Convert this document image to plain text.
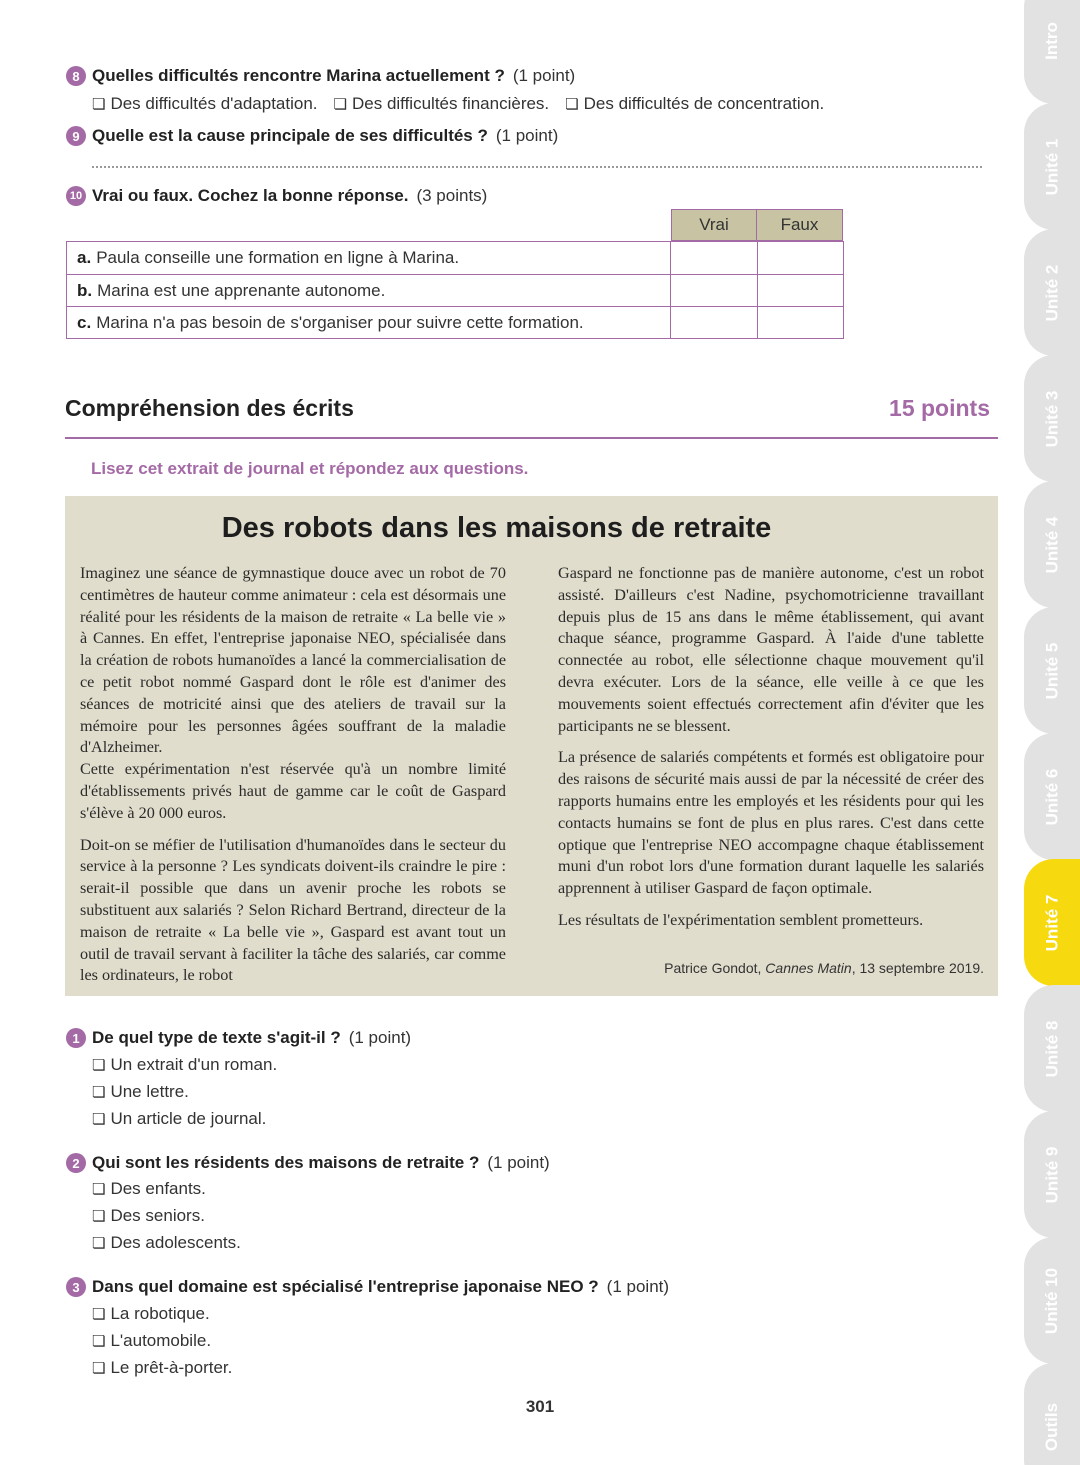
8 Quelles difficultés rencontre Marina actuellement ? (1 point)
❏ Des difficultés d'adaptation. ❏ Des difficultés financières. ❏ Des difficultés de concentration.
9 Quelle est la cause principale de ses difficultés ? (1 point)
10 Vrai ou faux. Cochez la bonne réponse. (3 points)
Vrai	Faux
a. Paula conseille une formation en ligne à Marina.
b. Marina est une apprenante autonome.
c. Marina n'a pas besoin de s'organiser pour suivre cette formation.
Compréhension des écrits	15 points
Lisez cet extrait de journal et répondez aux questions.
Des robots dans les maisons de retraite

Imaginez une séance de gymnastique douce avec un robot de 70 centimètres de hauteur comme animateur : cela est désormais une réalité pour les résidents de la maison de retraite « La belle vie » à Cannes. En effet, l'entreprise japonaise NEO, spécialisée dans la création de robots humanoïdes a lancé la commercialisation de ce petit robot nommé Gaspard dont le rôle est d'animer des séances de motricité ainsi que des ateliers de travail sur la mémoire pour les personnes âgées souffrant de la maladie d'Alzheimer.

Cette expérimentation n'est réservée qu'à un nombre limité d'établissements privés haut de gamme car le coût de Gaspard s'élève à 20 000 euros.

Doit-on se méfier de l'utilisation d'humanoïdes dans le secteur du service à la personne ? Les syndicats doivent-ils craindre le pire : serait-il possible que dans un avenir proche les robots se substituent aux salariés ? Selon Richard Bertrand, directeur de la maison de retraite « La belle vie », Gaspard est avant tout un outil de travail servant à faciliter la tâche des salariés, car comme les ordinateurs, le robot

Gaspard ne fonctionne pas de manière autonome, c'est un robot assisté. D'ailleurs c'est Nadine, psychomotricienne travaillant depuis plus de 15 ans dans le même établissement, qui avant chaque séance, programme Gaspard. À l'aide d'une tablette connectée au robot, elle sélectionne chaque mouvement qu'il devra exécuter. Lors de la séance, elle veille à ce que les mouvements soient effectués correctement afin d'éviter que les participants ne se blessent.

La présence de salariés compétents et formés est obligatoire pour des raisons de sécurité mais aussi de par la nécessité de créer des rapports humains entre les employés et les résidents pour qui les contacts humains se font de plus en plus rares. C'est dans cette optique que l'entreprise NEO accompagne chaque établissement muni d'un robot lors d'une formation durant laquelle les salariés apprennent à utiliser Gaspard de façon optimale.

Les résultats de l'expérimentation semblent prometteurs.

Patrice Gondot, Cannes Matin, 13 septembre 2019.
1 De quel type de texte s'agit-il ? (1 point)
❏ Un extrait d'un roman.
❏ Une lettre.
❏ Un article de journal.
2 Qui sont les résidents des maisons de retraite ? (1 point)
❏ Des enfants.
❏ Des seniors.
❏ Des adolescents.
3 Dans quel domaine est spécialisé l'entreprise japonaise NEO ? (1 point)
❏ La robotique.
❏ L'automobile.
❏ Le prêt-à-porter.
301
Intro
Unité 1
Unité 2
Unité 3
Unité 4
Unité 5
Unité 6
Unité 7
Unité 8
Unité 9
Unité 10
Outils
